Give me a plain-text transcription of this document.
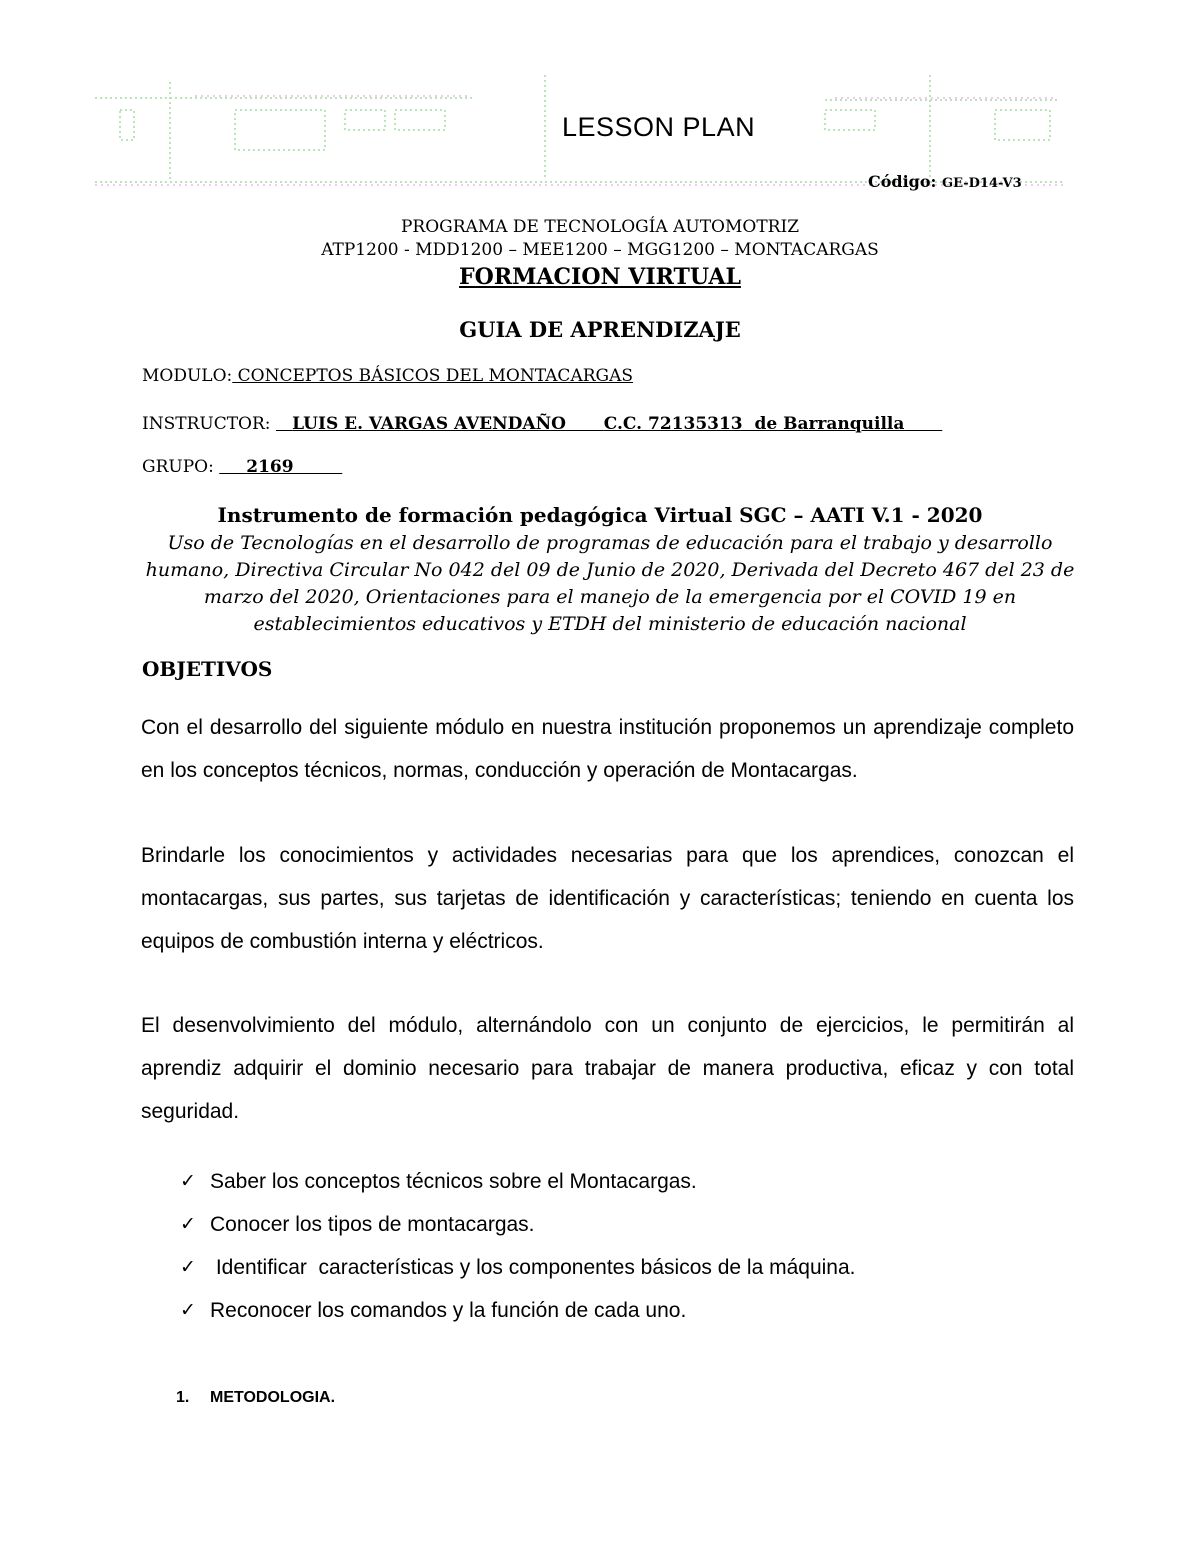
LESSON PLAN
Código: GE-D14-V3
PROGRAMA DE TECNOLOGÍA AUTOMOTRIZ
ATP1200 - MDD1200 – MEE1200 – MGG1200 – MONTACARGAS
FORMACION VIRTUAL
GUIA DE APRENDIZAJE
MODULO: CONCEPTOS BÁSICOS DEL MONTACARGAS
INSTRUCTOR: LUIS E. VARGAS AVENDAÑO C.C. 72135313  de Barranquilla
GRUPO: 2169
Instrumento de formación pedagógica Virtual SGC – AATI V.1 - 2020
Uso de Tecnologías en el desarrollo de programas de educación para el trabajo y desarrollo humano, Directiva Circular No 042 del 09 de Junio de 2020, Derivada del Decreto 467 del 23 de marzo del 2020, Orientaciones para el manejo de la emergencia por el COVID 19 en establecimientos educativos y ETDH del ministerio de educación nacional
OBJETIVOS

Con el desarrollo del siguiente módulo en nuestra institución proponemos un aprendizaje completo en los conceptos técnicos, normas, conducción y operación de Montacargas.

Brindarle los conocimientos y actividades necesarias para que los aprendices, conozcan el montacargas, sus partes, sus tarjetas de identificación y características; teniendo en cuenta los equipos de combustión interna y eléctricos.

El desenvolvimiento del módulo, alternándolo con un conjunto de ejercicios, le permitirán al aprendiz adquirir el dominio necesario para trabajar de manera productiva, eficaz y con total seguridad.

✓ Saber los conceptos técnicos sobre el Montacargas.
✓ Conocer los tipos de montacargas.
✓ Identificar  características y los componentes básicos de la máquina.
✓ Reconocer los comandos y la función de cada uno.
1.	METODOLOGIA.
